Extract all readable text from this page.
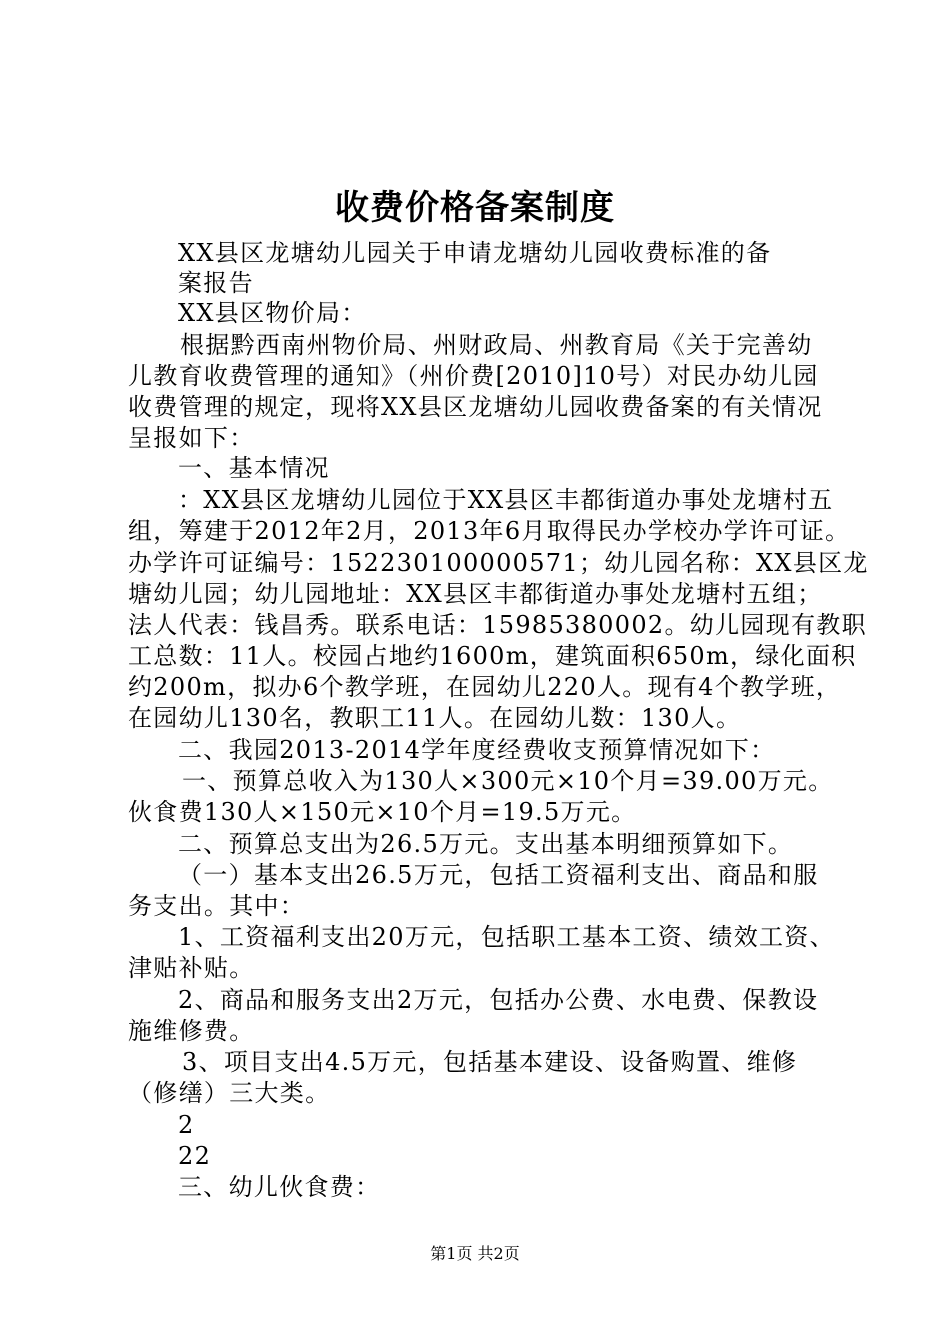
收费价格备案制度
XX县区龙塘幼儿园关于申请龙塘幼儿园收费标准的备
案报告
XX县区物价局：
根据黔西南州物价局、州财政局、州教育局《关于完善幼
儿教育收费管理的通知》（州价费[2010]10号）对民办幼儿园
收费管理的规定，现将XX县区龙塘幼儿园收费备案的有关情况
呈报如下：
一、基本情况
：XX县区龙塘幼儿园位于XX县区丰都街道办事处龙塘村五
组，筹建于2012年2月，2013年6月取得民办学校办学许可证。
办学许可证编号：152230100000571；幼儿园名称：XX县区龙
塘幼儿园；幼儿园地址：XX县区丰都街道办事处龙塘村五组；
法人代表：钱昌秀。联系电话：15985380002。幼儿园现有教职
工总数：11人。校园占地约1600m，建筑面积650m，绿化面积
约200m，拟办6个教学班，在园幼儿220人。现有4个教学班，
在园幼儿130名，教职工11人。在园幼儿数：130人。
二、我园2013-2014学年度经费收支预算情况如下：
一、预算总收入为130人×300元×10个月=39.00万元。
伙食费130人×150元×10个月=19.5万元。
二、预算总支出为26.5万元。支出基本明细预算如下。
（一）基本支出26.5万元，包括工资福利支出、商品和服
务支出。其中：
1、工资福利支出20万元，包括职工基本工资、绩效工资、
津贴补贴。
2、商品和服务支出2万元，包括办公费、水电费、保教设
施维修费。
3、项目支出4.5万元，包括基本建设、设备购置、维修
（修缮）三大类。
2
22
三、幼儿伙食费：
第1页 共2页
